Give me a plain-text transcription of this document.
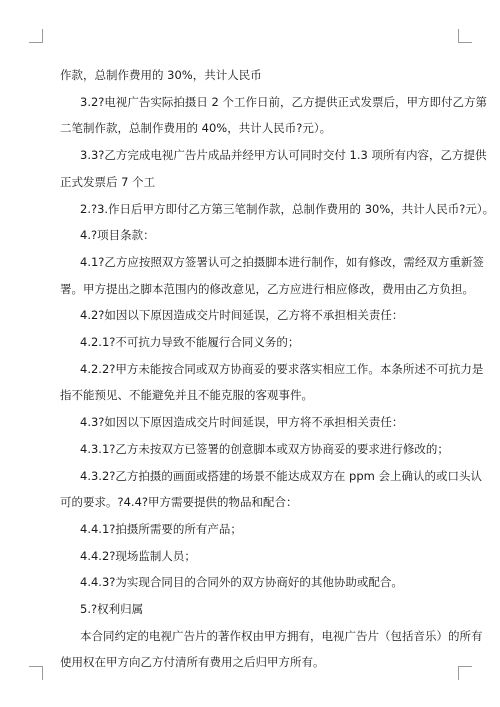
作款，总制作费用的 30%，共计人民币
3.2?电视广告实际拍摄日 2 个工作日前，乙方提供正式发票后，甲方即付乙方第
二笔制作款，总制作费用的 40%，共计人民币?元）。
3.3?乙方完成电视广告片成品并经甲方认可同时交付 1.3 项所有内容，乙方提供
正式发票后 7 个工
2.?3.作日后甲方即付乙方第三笔制作款，总制作费用的 30%，共计人民币?元）。
4.?项目条款：
4.1?乙方应按照双方签署认可之拍摄脚本进行制作，如有修改，需经双方重新签
署。甲方提出之脚本范围内的修改意见，乙方应进行相应修改，费用由乙方负担。
4.2?如因以下原因造成交片时间延误，乙方将不承担相关责任：
4.2.1?不可抗力导致不能履行合同义务的；
4.2.2?甲方未能按合同或双方协商妥的要求落实相应工作。本条所述不可抗力是
指不能预见、不能避免并且不能克服的客观事件。
4.3?如因以下原因造成交片时间延误，甲方将不承担相关责任：
4.3.1?乙方未按双方已签署的创意脚本或双方协商妥的要求进行修改的；
4.3.2?乙方拍摄的画面或搭建的场景不能达成双方在 ppm 会上确认的或口头认
可的要求。?4.4?甲方需要提供的物品和配合：
4.4.1?拍摄所需要的所有产品；
4.4.2?现场监制人员；
4.4.3?为实现合同目的合同外的双方协商好的其他协助或配合。
5.?权利归属
本合同约定的电视广告片的著作权由甲方拥有，电视广告片（包括音乐）的所有
使用权在甲方向乙方付清所有费用之后归甲方所有。
